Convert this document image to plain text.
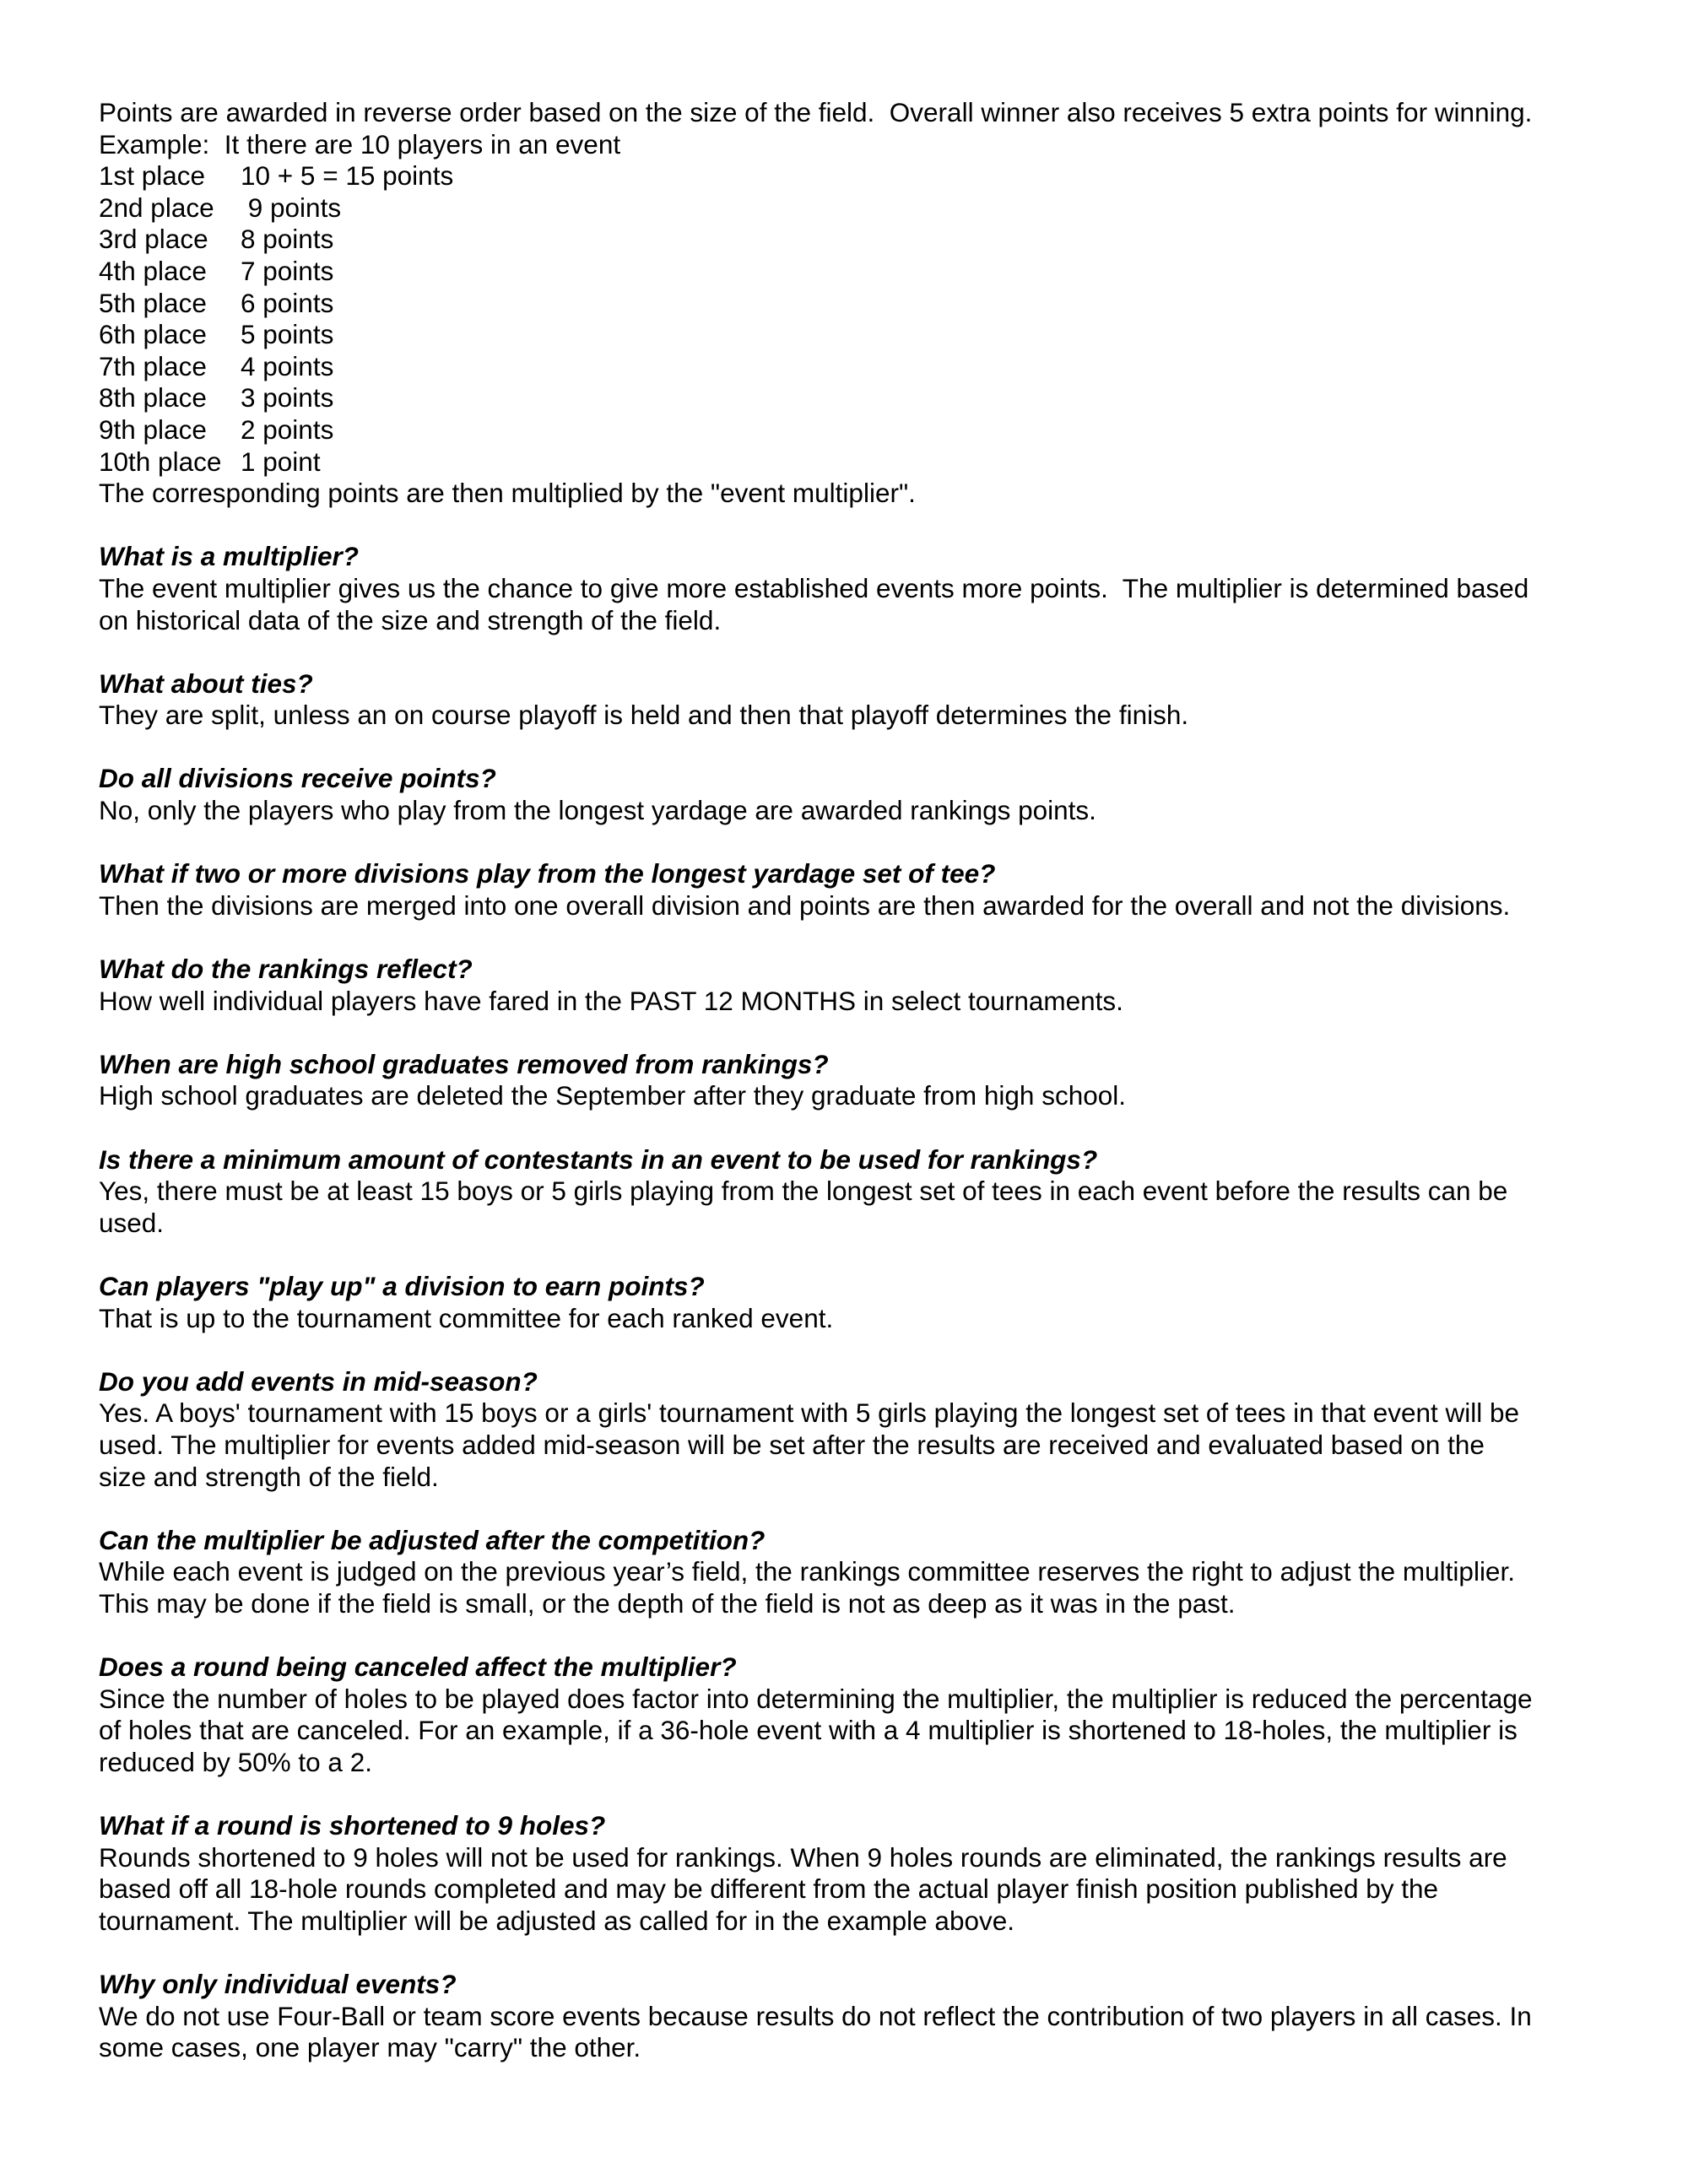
Points are awarded in reverse order based on the size of the field.  Overall winner also receives 5 extra points for winning.
Example:  It there are 10 players in an event
1st place	10 + 5 = 15 points
2nd place 9 points
3rd place	8 points
4th place	7 points
5th place	6 points
6th place	5 points
7th place	4 points
8th place	3 points
9th place	2 points
10th place 1 point
The corresponding points are then multiplied by the "event multiplier".
What is a multiplier?
The event multiplier gives us the chance to give more established events more points.  The multiplier is determined based
on historical data of the size and strength of the field.
What about ties?
They are split, unless an on course playoff is held and then that playoff determines the finish.
Do all divisions receive points?
No, only the players who play from the longest yardage are awarded rankings points.
What if two or more divisions play from the longest yardage set of tee?
Then the divisions are merged into one overall division and points are then awarded for the overall and not the divisions.
What do the rankings reflect?
How well individual players have fared in the PAST 12 MONTHS in select tournaments.
When are high school graduates removed from rankings?
High school graduates are deleted the September after they graduate from high school.
Is there a minimum amount of contestants in an event to be used for rankings?
Yes, there must be at least 15 boys or 5 girls playing from the longest set of tees in each event before the results can be
used.
Can players "play up" a division to earn points?
That is up to the tournament committee for each ranked event.
Do you add events in mid-season?
Yes. A boys' tournament with 15 boys or a girls' tournament with 5 girls playing the longest set of tees in that event will be
used. The multiplier for events added mid-season will be set after the results are received and evaluated based on the
size and strength of the field.
Can the multiplier be adjusted after the competition?
While each event is judged on the previous year’s field, the rankings committee reserves the right to adjust the multiplier.
This may be done if the field is small, or the depth of the field is not as deep as it was in the past.
Does a round being canceled affect the multiplier?
Since the number of holes to be played does factor into determining the multiplier, the multiplier is reduced the percentage
of holes that are canceled. For an example, if a 36-hole event with a 4 multiplier is shortened to 18-holes, the multiplier is
reduced by 50% to a 2.
What if a round is shortened to 9 holes?
Rounds shortened to 9 holes will not be used for rankings. When 9 holes rounds are eliminated, the rankings results are
based off all 18-hole rounds completed and may be different from the actual player finish position published by the
tournament. The multiplier will be adjusted as called for in the example above.
Why only individual events?
We do not use Four-Ball or team score events because results do not reflect the contribution of two players in all cases. In
some cases, one player may "carry" the other.
